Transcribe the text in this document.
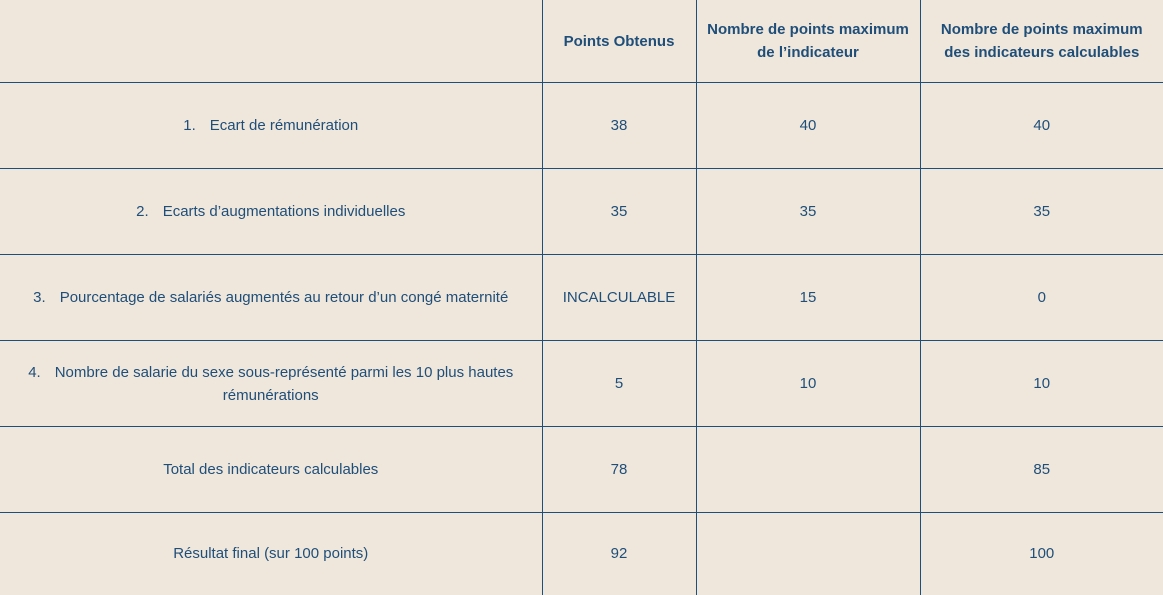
	Points Obtenus	Nombre de points maximum de l’indicateur	Nombre de points maximum des indicateurs calculables
1. Ecart de rémunération	38	40	40
2. Ecarts d’augmentations individuelles	35	35	35
3. Pourcentage de salariés augmentés au retour d’un congé maternité	INCALCULABLE	15	0
4. Nombre de salarie du sexe sous-représenté parmi les 10 plus hautes rémunérations	5	10	10
Total des indicateurs calculables	78		85
Résultat final (sur 100 points)	92		100
